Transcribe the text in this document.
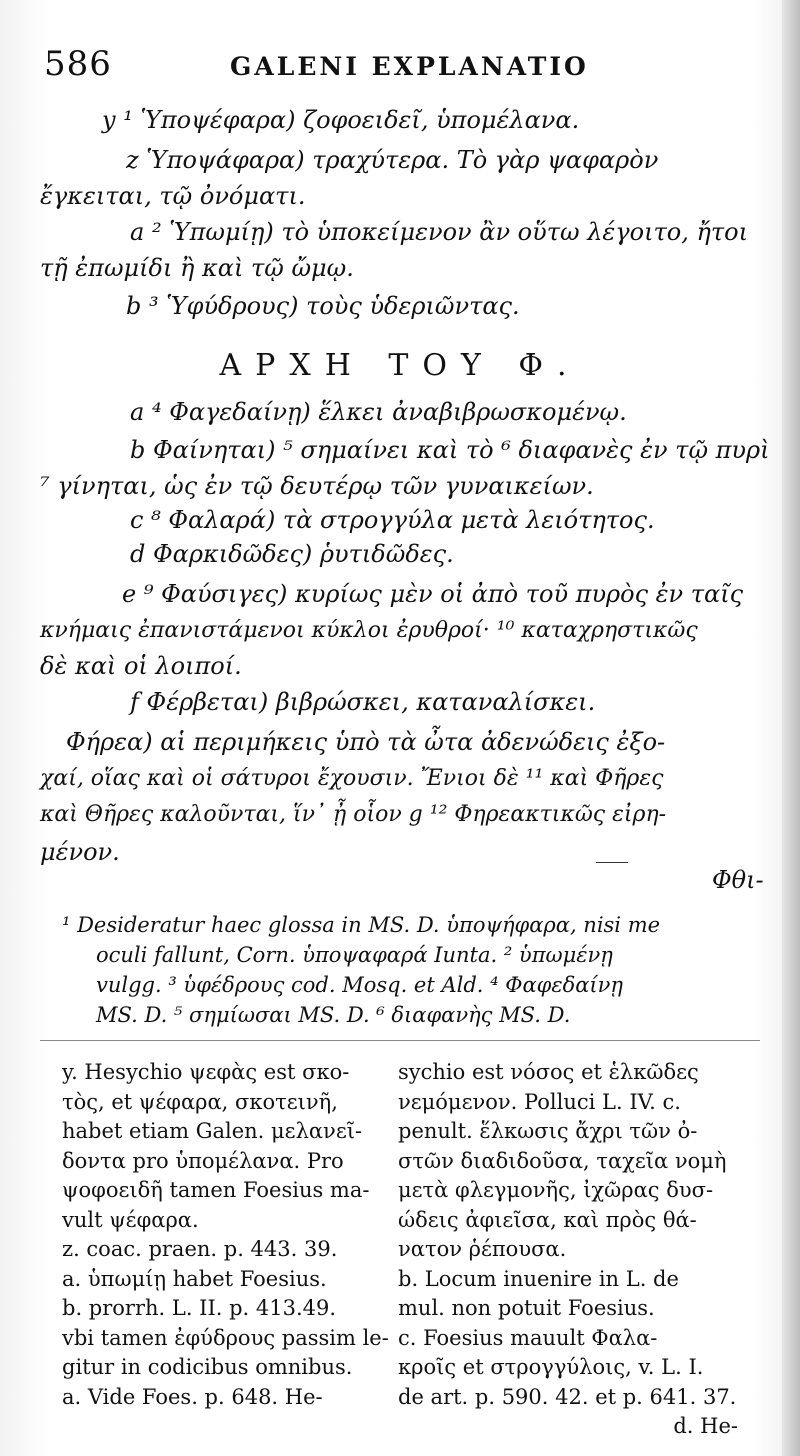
586	GALENI EXPLANATIO
y ¹ Ὑποψέφαρα) ζοφοειδεῖ, ὑπομέλανα.
z Ὑποψάφαρα) τραχύτερα. Τὸ γὰρ ψαφαρὸν
ἔγκειται, τῷ ὀνόματι.
a ² Ὑπωμίῃ) τὸ ὑποκείμενον ἂν οὕτω λέγοιτο, ἤτοι
τῇ ἐπωμίδι ἢ καὶ τῷ ὤμῳ.
b ³ Ὑφύδρους) τοὺς ὑδεριῶντας.
ΑΡΧΗ ΤΟΥ Φ.
a ⁴ Φαγεδαίνῃ) ἕλκει ἀναβιβρωσκομένῳ.
b Φαίνηται) ⁵ σημαίνει καὶ τὸ ⁶ διαφανὲς ἐν τῷ πυρὶ
⁷ γίνηται, ὡς ἐν τῷ δευτέρῳ τῶν γυναικείων.
c ⁸ Φαλαρά) τὰ στρογγύλα μετὰ λειότητος.
d Φαρκιδῶδες) ῥυτιδῶδες.
e ⁹ Φαύσιγες) κυρίως μὲν οἱ ἀπὸ τοῦ πυρὸς ἐν ταῖς
κνήμαις ἐπανιστάμενοι κύκλοι ἐρυθροί· ¹⁰ καταχρηστικῶς
δὲ καὶ οἱ λοιποί.
f Φέρβεται) βιβρώσκει, καταναλίσκει.
Φήρεα) αἱ περιμήκεις ὑπὸ τὰ ὦτα ἀδενώδεις ἐξο-
χαί, οἵας καὶ οἱ σάτυροι ἔχουσιν. Ἔνιοι δὲ ¹¹ καὶ Φῆρες
καὶ Θῆρες καλοῦνται, ἵν᾽ ᾖ οἷον g ¹² Φηρεακτικῶς εἰρη-
μένον.
Φθι-
¹ Desideratur haec glossa in MS. D. ὑποψήφαρα, nisi me
oculi fallunt, Corn. ὑποψαφαρά Iunta. ² ὑπωμένῃ
vulgg. ³ ὑφέδρους cod. Mosq. et Ald. ⁴ Φαφεδαίνῃ
MS. D. ⁵ σημίωσαι MS. D. ⁶ διαφανὴς MS. D.
y. Hesychio ψεφὰς est σκο-
τὸς, et ψέφαρα, σκοτεινῆ,
habet etiam Galen. μελανεῖ-
δοντα pro ὑπομέλανα. Pro
ψοφοειδῆ tamen Foesius ma-
vult ψέφαρα.
z. coac. praen. p. 443. 39.
a. ὑπωμίῃ habet Foesius.
b. prorrh. L. II. p. 413.49.
vbi tamen ἐφύδρους passim le-
gitur in codicibus omnibus.
a. Vide Foes. p. 648. He-
sychio est νόσος et ἑλκῶδες
νεμόμενον. Polluci L. IV. c.
penult. ἕλκωσις ἄχρι τῶν ὀ-
στῶν διαδιδοῦσα, ταχεῖα νομὴ
μετὰ φλεγμονῆς, ἰχῶρας δυσ-
ώδεις ἀφιεῖσα, καὶ πρὸς θά-
νατον ῥέπουσα.
b. Locum inuenire in L. de
mul. non potuit Foesius.
c. Foesius mauult Φαλα-
κροῖς et στρογγύλοις, v. L. I.
de art. p. 590. 42. et p. 641. 37.
d. He-
